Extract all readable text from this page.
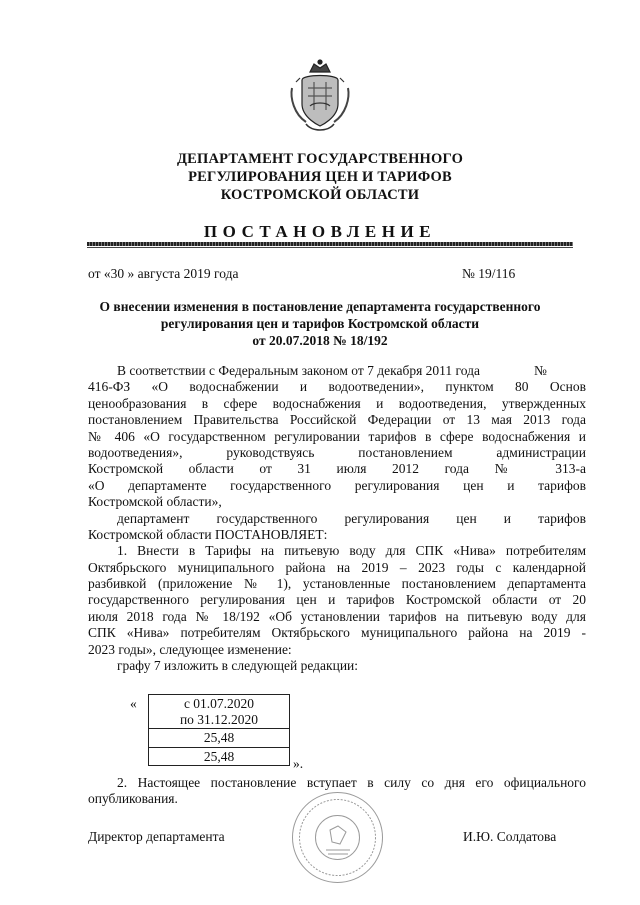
ДЕПАРТАМЕНТ ГОСУДАРСТВЕННОГО
РЕГУЛИРОВАНИЯ ЦЕН И ТАРИФОВ
КОСТРОМСКОЙ ОБЛАСТИ
ПОСТАНОВЛЕНИЕ
от «30 » августа 2019 года	№ 19/116
О внесении изменения в постановление департамента государственного
регулирования цен и тарифов Костромской области
от 20.07.2018 № 18/192
В соответствии с Федеральным законом от 7 декабря 2011 года	№
416-ФЗ «О водоснабжении и водоотведении», пунктом 80 Основ
ценообразования в сфере водоснабжения и водоотведения, утвержденных
постановлением Правительства Российской Федерации от 13 мая 2013 года
№ 406 «О государственном регулировании тарифов в сфере водоснабжения и
водоотведения», руководствуясь постановлением администрации
Костромской области от 31 июля 2012 года № 313-а
«О департаменте государственного регулирования цен и тарифов
Костромской области»,
департамент государственного регулирования цен и тарифов
Костромской области ПОСТАНОВЛЯЕТ:
1. Внести в Тарифы на питьевую воду для СПК «Нива» потребителям
Октябрьского муниципального района на 2019 – 2023 годы с календарной
разбивкой (приложение № 1), установленные постановлением департамента
государственного регулирования цен и тарифов Костромской области от 20
июля 2018 года № 18/192 «Об установлении тарифов на питьевую воду для
СПК «Нива» потребителям Октябрьского муниципального района на 2019 -
2023 годы», следующее изменение:
графу 7 изложить в следующей редакции:
«	с 01.07.2020
по 31.12.2020

25,48
25,48	».
2. Настоящее постановление вступает в силу со дня его официального
опубликования.
Директор департамента	И.Ю. Солдатова
